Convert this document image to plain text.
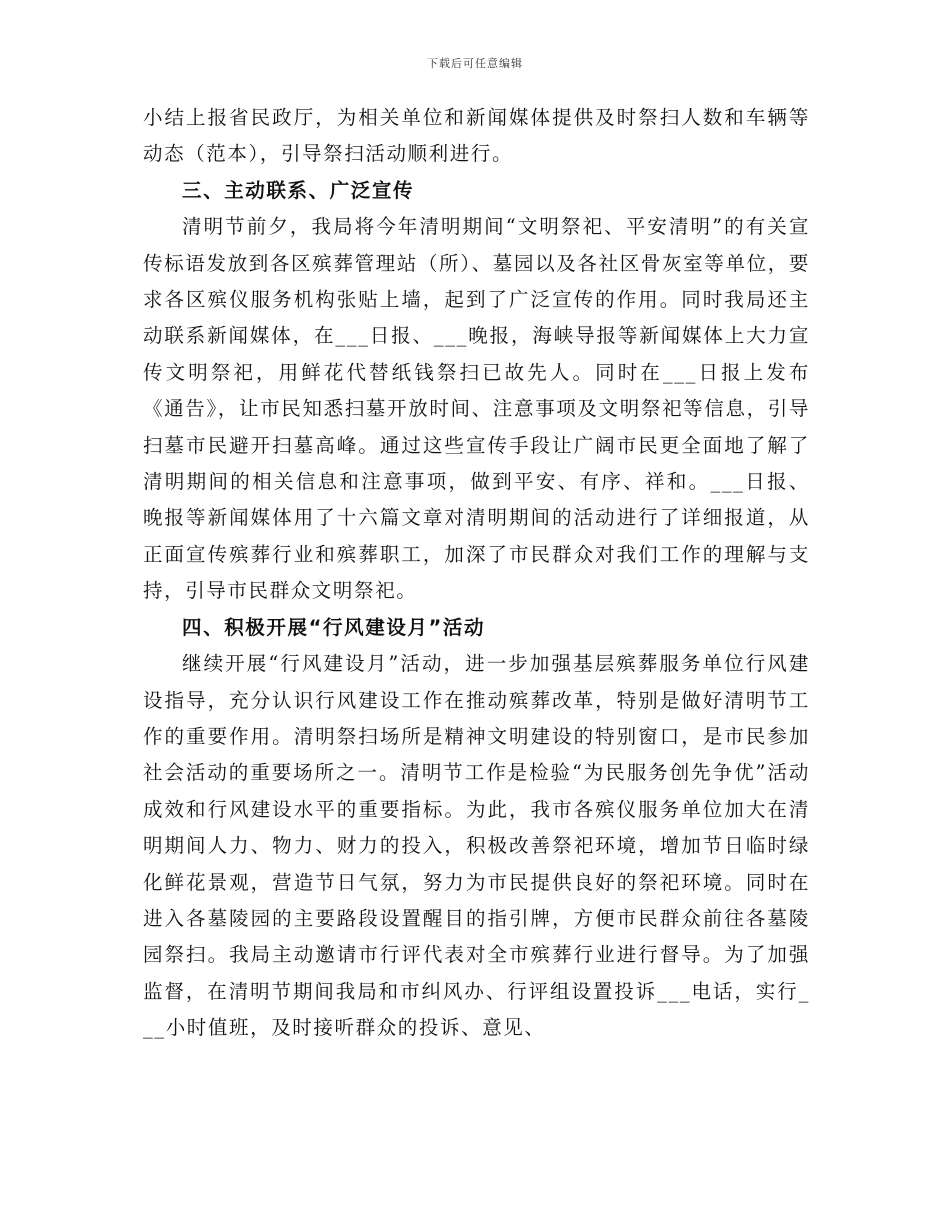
下载后可任意编辑

小结上报省民政厅，为相关单位和新闻媒体提供及时祭扫人数和车辆等动态（范本），引导祭扫活动顺利进行。

三、主动联系、广泛宣传

清明节前夕，我局将今年清明期间“文明祭祀、平安清明”的有关宣传标语发放到各区殡葬管理站（所）、墓园以及各社区骨灰室等单位，要求各区殡仪服务机构张贴上墙，起到了广泛宣传的作用。同时我局还主动联系新闻媒体，在___日报、___晚报，海峡导报等新闻媒体上大力宣传文明祭祀，用鲜花代替纸钱祭扫已故先人。同时在___日报上发布《通告》，让市民知悉扫墓开放时间、注意事项及文明祭祀等信息，引导扫墓市民避开扫墓高峰。通过这些宣传手段让广阔市民更全面地了解了清明期间的相关信息和注意事项，做到平安、有序、祥和。___日报、晚报等新闻媒体用了十六篇文章对清明期间的活动进行了详细报道，从正面宣传殡葬行业和殡葬职工，加深了市民群众对我们工作的理解与支持，引导市民群众文明祭祀。

四、积极开展“行风建设月”活动

继续开展“行风建设月”活动，进一步加强基层殡葬服务单位行风建设指导，充分认识行风建设工作在推动殡葬改革，特别是做好清明节工作的重要作用。清明祭扫场所是精神文明建设的特别窗口，是市民参加社会活动的重要场所之一。清明节工作是检验“为民服务创先争优”活动成效和行风建设水平的重要指标。为此，我市各殡仪服务单位加大在清明期间人力、物力、财力的投入，积极改善祭祀环境，增加节日临时绿化鲜花景观，营造节日气氛，努力为市民提供良好的祭祀环境。同时在进入各墓陵园的主要路段设置醒目的指引牌，方便市民群众前往各墓陵园祭扫。我局主动邀请市行评代表对全市殡葬行业进行督导。为了加强监督，在清明节期间我局和市纠风办、行评组设置投诉___电话，实行___小时值班，及时接听群众的投诉、意见、
